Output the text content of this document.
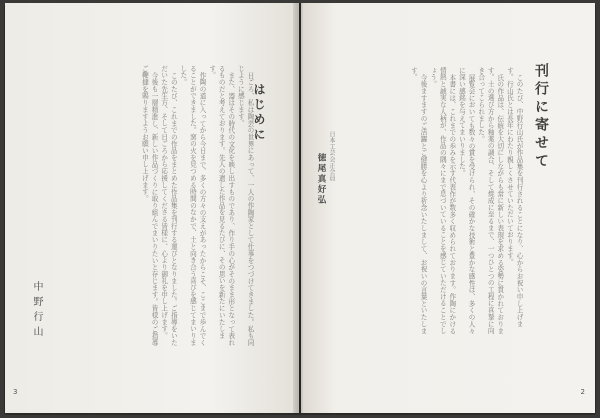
日ごろ、私は陶芸の世界にあって、一人の作陶家として仕事をつづけてきました。私も同じように感じます。

また、器はその時代の文化を映し出すものであり、作り手の心がそのまま形となって表れるものだと考えております。先人の遺した作品を見るたびに、その思いを新たにいたします。

作陶の道に入ってから今日まで、多くの方々の支えがあったからこそ、ここまで歩んでくることができました。窯の火を見つめる時間のなかで、土と向き合う喜びを感じてまいりました。

このたび、これまでの作品をまとめた作品集を刊行する運びとなりました。ご指導をいただいた先生方、そして日ごろから応援してくださる皆様に、心より御礼を申し上げます。

今後も一層精進し、新しい作品づくりに取り組んでまいりたいと存じます。皆様のご指導ご鞭撻を賜りますようお願い申し上げます。	はじめに
中野行山
3
刊行に寄せて

このたび、中野行山氏が作品集を刊行されることになり、心からお祝い申し上げます。行山氏とは長年にわたり親しくさせていただいております。

氏の作品は、伝統を大切にしながらも常に新しい表現を求める姿勢に貫かれております。土の選び方から釉薬の調合、そして焼成に至るまで、一つひとつの工程に真摯に向き合ってこられました。

展覧会においても数々の賞を受けられ、その確かな技術と豊かな感性は、多くの人々に深い感銘を与えてまいりました。

本書には、これまでの歩みを示す代表作が数多く収められております。作陶にかける情熱と誠実な人柄が、作品の隅々にまで息づいていることを感じていただけることでしょう。

今後ますますのご活躍とご健勝を心より祈念いたしまして、お祝いの言葉といたします。

日本工芸会正会員
徳尾真好弘
2
